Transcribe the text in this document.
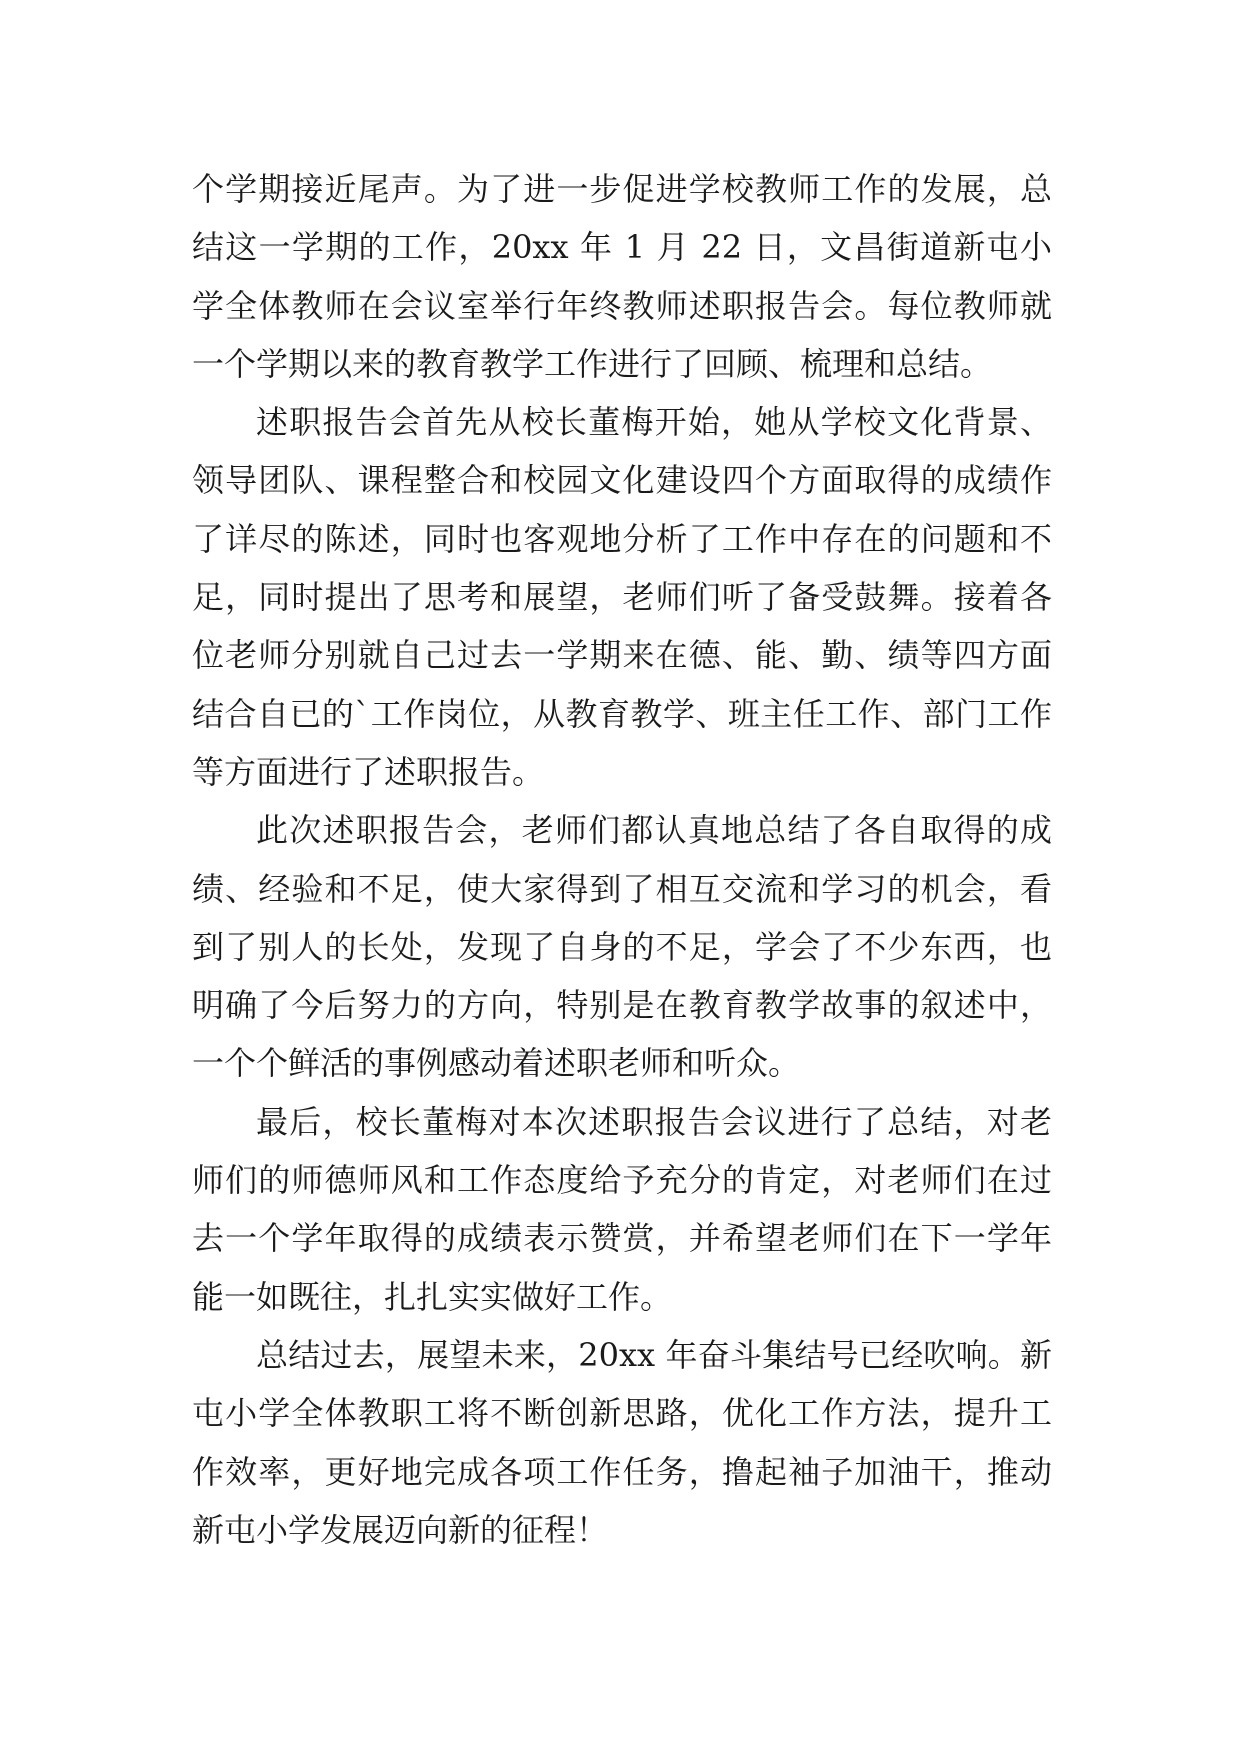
个学期接近尾声。为了进一步促进学校教师工作的发展，总结这一学期的工作，20xx 年 1 月 22 日，文昌街道新屯小学全体教师在会议室举行年终教师述职报告会。每位教师就一个学期以来的教育教学工作进行了回顾、梳理和总结。

述职报告会首先从校长董梅开始，她从学校文化背景、领导团队、课程整合和校园文化建设四个方面取得的成绩作了详尽的陈述，同时也客观地分析了工作中存在的问题和不足，同时提出了思考和展望，老师们听了备受鼓舞。接着各位老师分别就自己过去一学期来在德、能、勤、绩等四方面结合自已的`工作岗位，从教育教学、班主任工作、部门工作等方面进行了述职报告。

此次述职报告会，老师们都认真地总结了各自取得的成绩、经验和不足，使大家得到了相互交流和学习的机会，看到了别人的长处，发现了自身的不足，学会了不少东西，也明确了今后努力的方向，特别是在教育教学故事的叙述中，一个个鲜活的事例感动着述职老师和听众。

最后，校长董梅对本次述职报告会议进行了总结，对老师们的师德师风和工作态度给予充分的肯定，对老师们在过去一个学年取得的成绩表示赞赏，并希望老师们在下一学年能一如既往，扎扎实实做好工作。

总结过去，展望未来，20xx 年奋斗集结号已经吹响。新屯小学全体教职工将不断创新思路，优化工作方法，提升工作效率，更好地完成各项工作任务，撸起袖子加油干，推动新屯小学发展迈向新的征程！
